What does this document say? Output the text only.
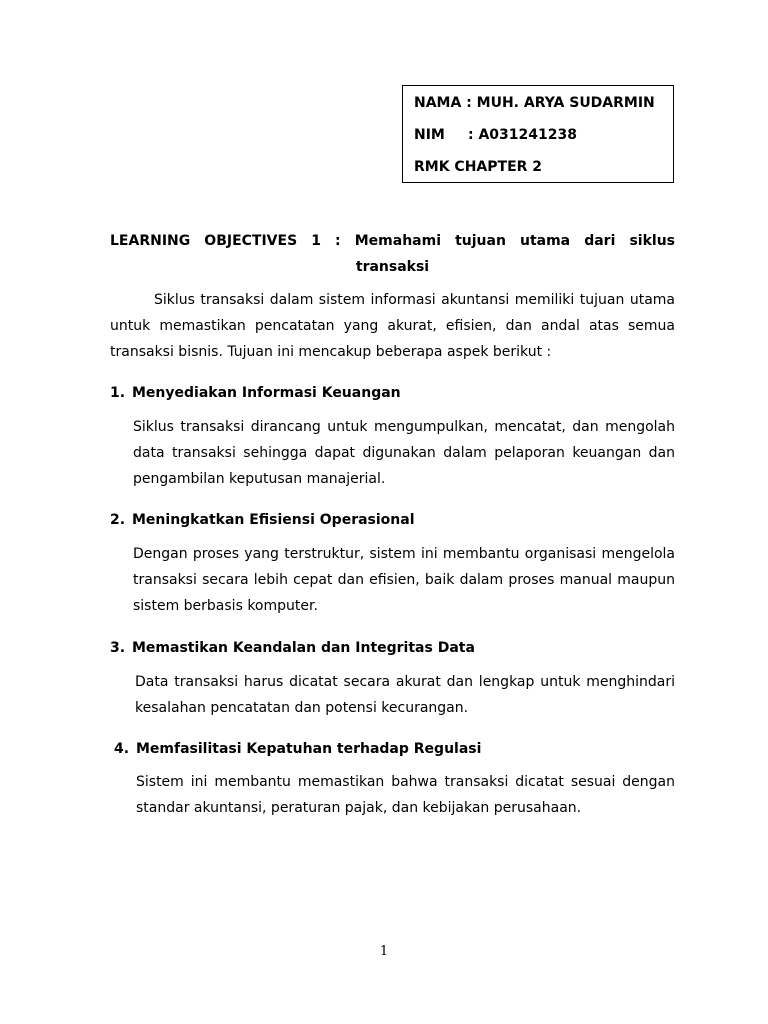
NAMA : MUH. ARYA SUDARMIN
NIM : A031241238
RMK CHAPTER 2
LEARNING OBJECTIVES 1 : Memahami tujuan utama dari siklus transaksi

Siklus transaksi dalam sistem informasi akuntansi memiliki tujuan utama untuk memastikan pencatatan yang akurat, efisien, dan andal atas semua transaksi bisnis. Tujuan ini mencakup beberapa aspek berikut :

1. Menyediakan Informasi Keuangan

Siklus transaksi dirancang untuk mengumpulkan, mencatat, dan mengolah data transaksi sehingga dapat digunakan dalam pelaporan keuangan dan pengambilan keputusan manajerial.

2. Meningkatkan Efisiensi Operasional

Dengan proses yang terstruktur, sistem ini membantu organisasi mengelola transaksi secara lebih cepat dan efisien, baik dalam proses manual maupun sistem berbasis komputer.

3. Memastikan Keandalan dan Integritas Data

Data transaksi harus dicatat secara akurat dan lengkap untuk menghindari kesalahan pencatatan dan potensi kecurangan.

4. Memfasilitasi Kepatuhan terhadap Regulasi

Sistem ini membantu memastikan bahwa transaksi dicatat sesuai dengan standar akuntansi, peraturan pajak, dan kebijakan perusahaan.

1
